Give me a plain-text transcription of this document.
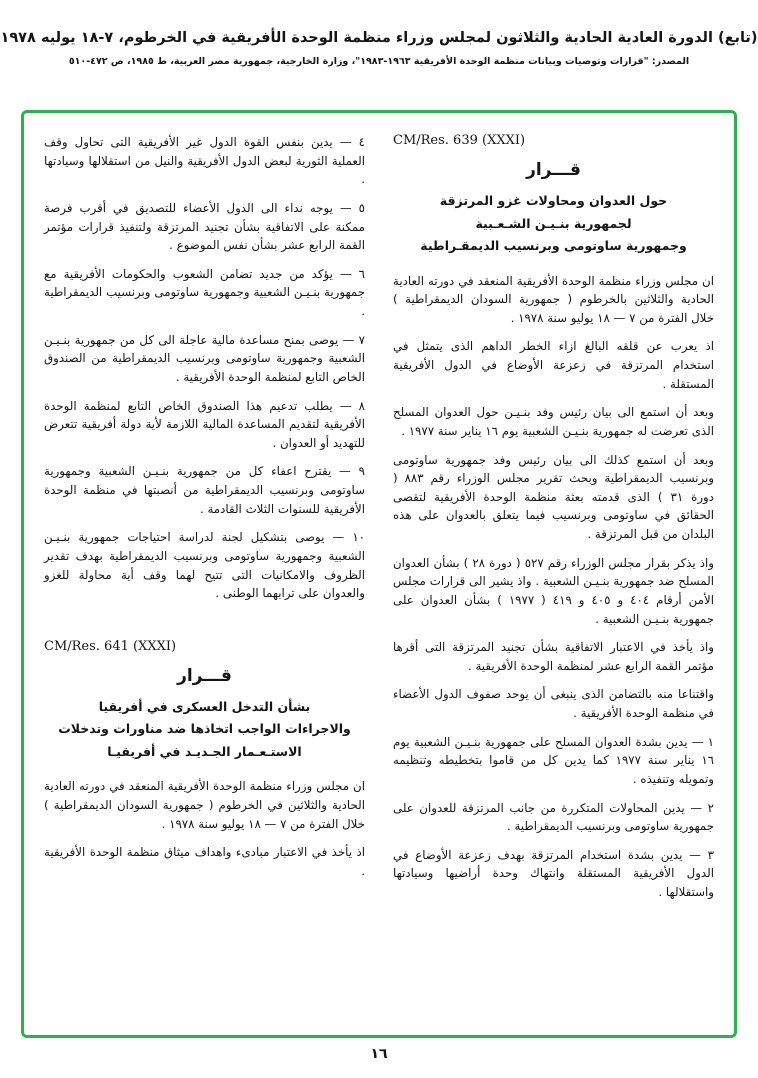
(تابع) الدورة العادية الحادية والثلاثون لمجلس وزراء منظمة الوحدة الأفريقية في الخرطوم، ٧-١٨ يوليه ١٩٧٨
المصدر: "قرارات وتوصيات وبيانات منظمة الوحدة الأفريقية ١٩٦٣-١٩٨٣"، وزارة الخارجية، جمهورية مصر العربية، ط ١٩٨٥، ص ٤٧٢-٥١٠
CM/Res. 639 (XXXI)
قـــرار
حول العدوان ومحاولات غزو المرتزقة
لجمهورية بنـيـن الشـعـبية
وجمهورية ساوتومى وبرنسيب الديمقـراطية
ان مجلس وزراء منظمة الوحدة الأفريقية المنعقد في دورته العادية الحادية والثلاثين بالخرطوم ( جمهورية السودان الديمقراطية ) خلال الفترة من ٧ — ١٨ يوليو سنة ١٩٧٨ .
اذ يعرب عن قلقه البالغ ازاء الخطر الداهم الذى يتمثل في استخدام المرتزقة في زعزعة الأوضاع في الدول الأفريقية المستقلة .
وبعد أن استمع الى بيان رئيس وفد بنـيـن حول العدوان المسلح الذى تعرضت له جمهورية بنـيـن الشعبية يوم ١٦ يناير سنة ١٩٧٧ .
وبعد أن استمع كذلك الى بيان رئيس وفد جمهورية ساوتومى وبرنسيب الديمقراطية وبحث تقرير مجلس الوزراء رقم ٨٨٣ ( دورة ٣١ ) الذى قدمته بعثة منظمة الوحدة الأفريقية لتقصى الحقائق في ساوتومى وبرنسيب فيما يتعلق بالعدوان على هذه البلدان من قبل المرتزقة .
واذ يذكر بقرار مجلس الوزراء رقم ٥٢٧ ( دورة ٢٨ ) بشأن العدوان المسلح ضد جمهورية بنـيـن الشعبية . واذ يشير الى قرارات مجلس الأمن أرقام ٤٠٤ و ٤٠٥ و ٤١٩ ( ١٩٧٧ ) بشأن العدوان على جمهورية بنـيـن الشعبية .
واذ يأخذ في الاعتبار الاتفاقية بشأن تجنيد المرتزقة التى أقرها مؤتمر القمة الرابع عشر لمنظمة الوحدة الأفريقية .
واقتناعا منه بالتضامن الذى ينبغى أن يوحد صفوف الدول الأعضاء في منظمة الوحدة الأفريقية .
١ — يدين بشدة العدوان المسلح على جمهورية بنـيـن الشعبية يوم ١٦ يناير سنة ١٩٧٧ كما يدين كل من قاموا بتخطيطه وتنظيمه وتمويله وتنفيذه .
٢ — يدين المحاولات المتكررة من جانب المرتزقة للعدوان على جمهورية ساوتومى وبرنسيب الديمقراطية .
٣ — يدين بشدة استخدام المرتزقة بهدف زعزعة الأوضاع في الدول الأفريقية المستقلة وانتهاك وحدة أراضيها وسيادتها واستقلالها .
٤ — يدين بنفس القوة الدول غير الأفريقية التى تحاول وقف العملية الثورية لبعض الدول الأفريقية والنيل من استقلالها وسيادتها .
٥ — يوجه نداء الى الدول الأعضاء للتصديق في أقرب فرصة ممكنة على الاتفاقية بشأن تجنيد المرتزقة ولتنفيذ قرارات مؤتمر القمة الرابع عشر بشأن نفس الموضوع .
٦ — يؤكد من جديد تضامن الشعوب والحكومات الأفريقية مع جمهورية بنـيـن الشعبية وجمهورية ساوتومى وبرنسيب الديمقراطية .
٧ — يوصى بمنح مساعدة مالية عاجلة الى كل من جمهورية بنـيـن الشعبية وجمهورية ساوتومى وبرنسيب الديمقراطية من الصندوق الخاص التابع لمنظمة الوحدة الأفريقية .
٨ — يطلب تدعيم هذا الصندوق الخاص التابع لمنظمة الوحدة الأفريقية لتقديم المساعدة المالية اللازمة لأية دولة أفريقية تتعرض للتهديد أو العدوان .
٩ — يقترح اعفاء كل من جمهورية بنـيـن الشعبية وجمهورية ساوتومى وبرنسيب الديمقراطية من أنصبتها في منظمة الوحدة الأفريقية للسنوات الثلاث القادمة .
١٠ — يوصى بتشكيل لجنة لدراسة احتياجات جمهورية بنـيـن الشعبية وجمهورية ساوتومى وبرنسيب الديمقراطية بهدف تقدير الظروف والامكانيات التى تتيح لهما وقف أية محاولة للغزو والعدوان على ترابهما الوطنى .
CM/Res. 641 (XXXI)
قـــرار
بشأن التدخل العسكرى في أفريقيا
والاجراءات الواجب اتخاذها ضد مناورات وتدخلات
الاستـعـمار الجـديـد في أفريقيـا
ان مجلس وزراء منظمة الوحدة الأفريقية المنعقد في دورته العادية الحادية والثلاثين في الخرطوم ( جمهورية السودان الديمقراطية ) خلال الفترة من ٧ — ١٨ يوليو سنة ١٩٧٨ .
اذ يأخذ في الاعتبار مبادىء واهداف ميثاق منظمة الوحدة الأفريقية .
١٦
